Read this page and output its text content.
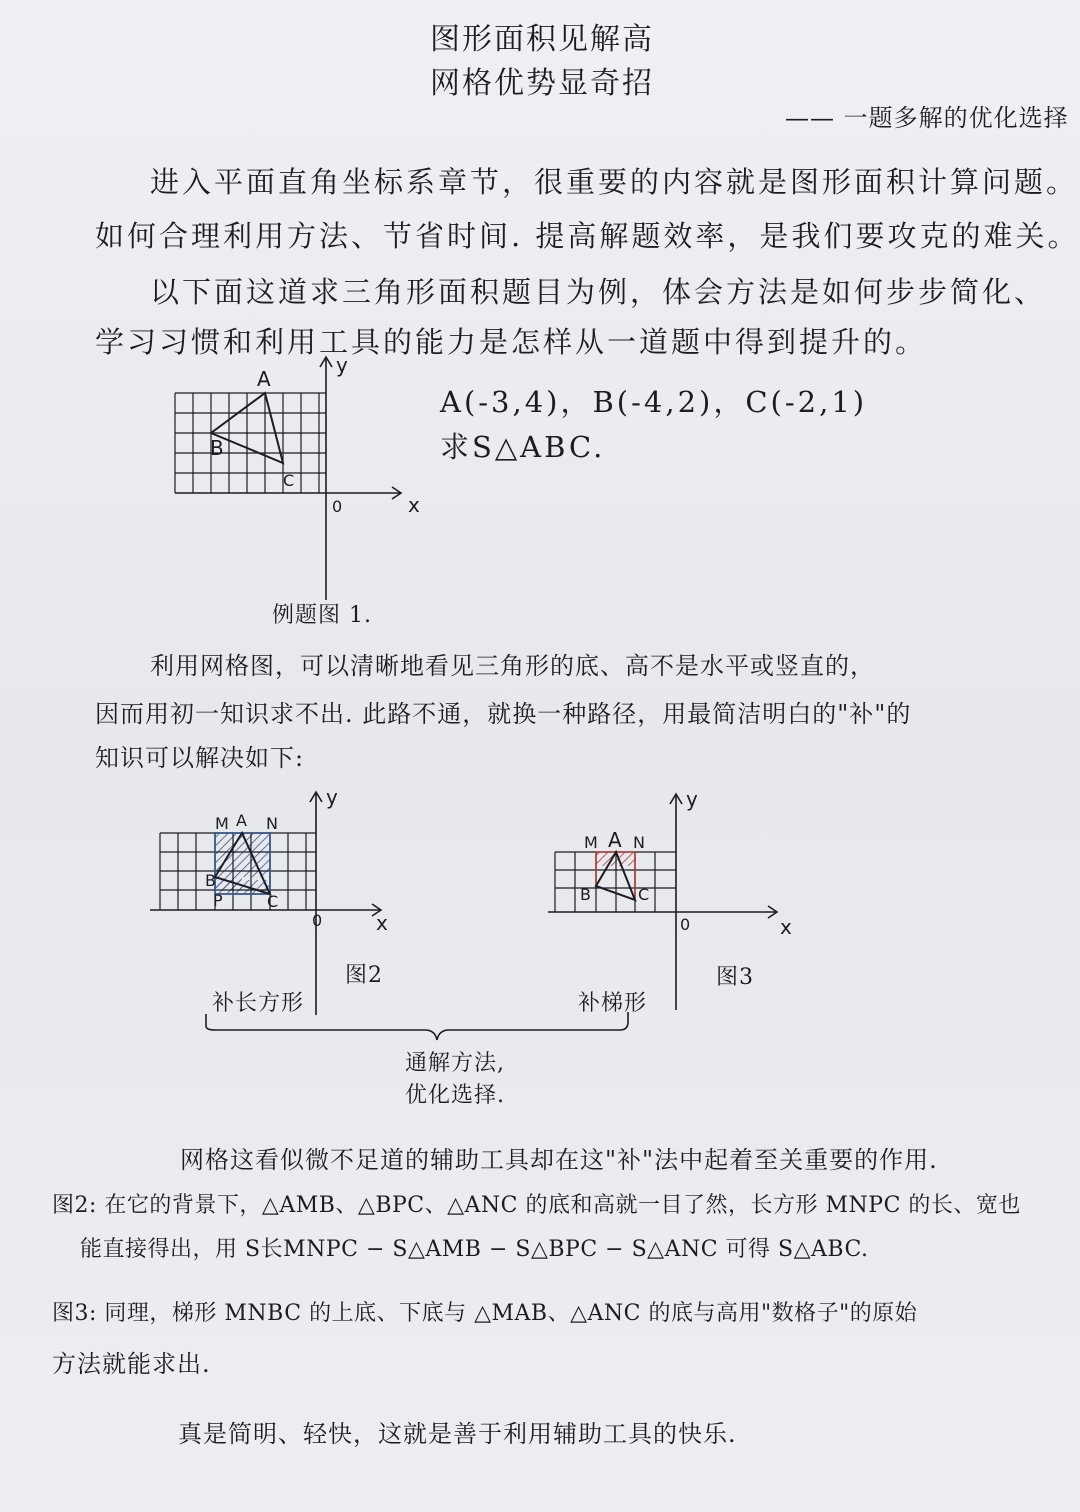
图形面积见解高
网格优势显奇招
—— 一题多解的优化选择
进入平面直角坐标系章节，很重要的内容就是图形面积计算问题。
如何合理利用方法、节省时间. 提高解题效率，是我们要攻克的难关。
以下面这道求三角形面积题目为例，体会方法是如何步步简化、
学习习惯和利用工具的能力是怎样从一道题中得到提升的。
A(-3,4)，B(-4,2)，C(-2,1)
求S△ABC.
例题图 1.
利用网格图，可以清晰地看见三角形的底、高不是水平或竖直的，
因而用初一知识求不出. 此路不通，就换一种路径，用最简洁明白的"补"的
知识可以解决如下:
图2	图3
补长方形	补梯形
通解方法,
优化选择.
网格这看似微不足道的辅助工具却在这"补"法中起着至关重要的作用.
图2: 在它的背景下，△AMB、△BPC、△ANC 的底和高就一目了然，长方形 MNPC 的长、宽也
能直接得出，用 S长MNPC − S△AMB − S△BPC − S△ANC 可得 S△ABC.
图3: 同理，梯形 MNBC 的上底、下底与 △MAB、△ANC 的底与高用"数格子"的原始
方法就能求出.
真是简明、轻快，这就是善于利用辅助工具的快乐.
y
x
0
A
B
C
M A N
B
P	C
y
x
0
M A N
B	C
y
x
0
